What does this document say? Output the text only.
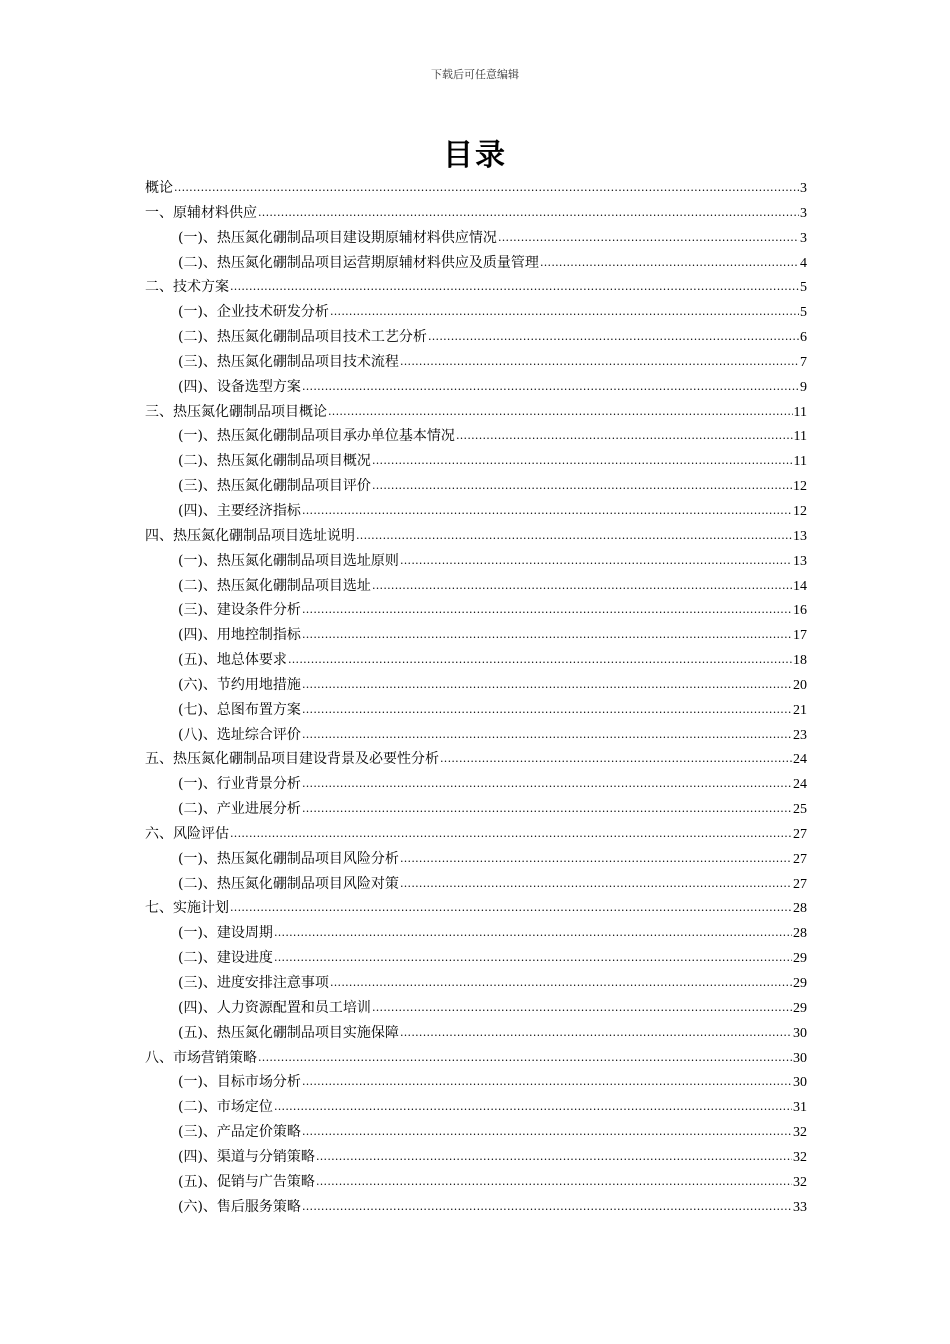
下载后可任意编辑
目录
概论 .....	3
一、原辅材料供应 .....	3
(一)、热压氮化硼制品项目建设期原辅材料供应情况 .....	3
(二)、热压氮化硼制品项目运营期原辅材料供应及质量管理 .....	4
二、技术方案 .....	5
(一)、企业技术研发分析 .....	5
(二)、热压氮化硼制品项目技术工艺分析 .....	6
(三)、热压氮化硼制品项目技术流程 .....	7
(四)、设备选型方案 .....	9
三、热压氮化硼制品项目概论 .....	11
(一)、热压氮化硼制品项目承办单位基本情况 .....	11
(二)、热压氮化硼制品项目概况 .....	11
(三)、热压氮化硼制品项目评价 .....	12
(四)、主要经济指标 .....	12
四、热压氮化硼制品项目选址说明 .....	13
(一)、热压氮化硼制品项目选址原则 .....	13
(二)、热压氮化硼制品项目选址 .....	14
(三)、建设条件分析 .....	16
(四)、用地控制指标 .....	17
(五)、地总体要求 .....	18
(六)、节约用地措施 .....	20
(七)、总图布置方案 .....	21
(八)、选址综合评价 .....	23
五、热压氮化硼制品项目建设背景及必要性分析 .....	24
(一)、行业背景分析 .....	24
(二)、产业进展分析 .....	25
六、风险评估 .....	27
(一)、热压氮化硼制品项目风险分析 .....	27
(二)、热压氮化硼制品项目风险对策 .....	27
七、实施计划 .....	28
(一)、建设周期 .....	28
(二)、建设进度 .....	29
(三)、进度安排注意事项 .....	29
(四)、人力资源配置和员工培训 .....	29
(五)、热压氮化硼制品项目实施保障 .....	30
八、市场营销策略 .....	30
(一)、目标市场分析 .....	30
(二)、市场定位 .....	31
(三)、产品定价策略 .....	32
(四)、渠道与分销策略 .....	32
(五)、促销与广告策略 .....	32
(六)、售后服务策略 .....	33
